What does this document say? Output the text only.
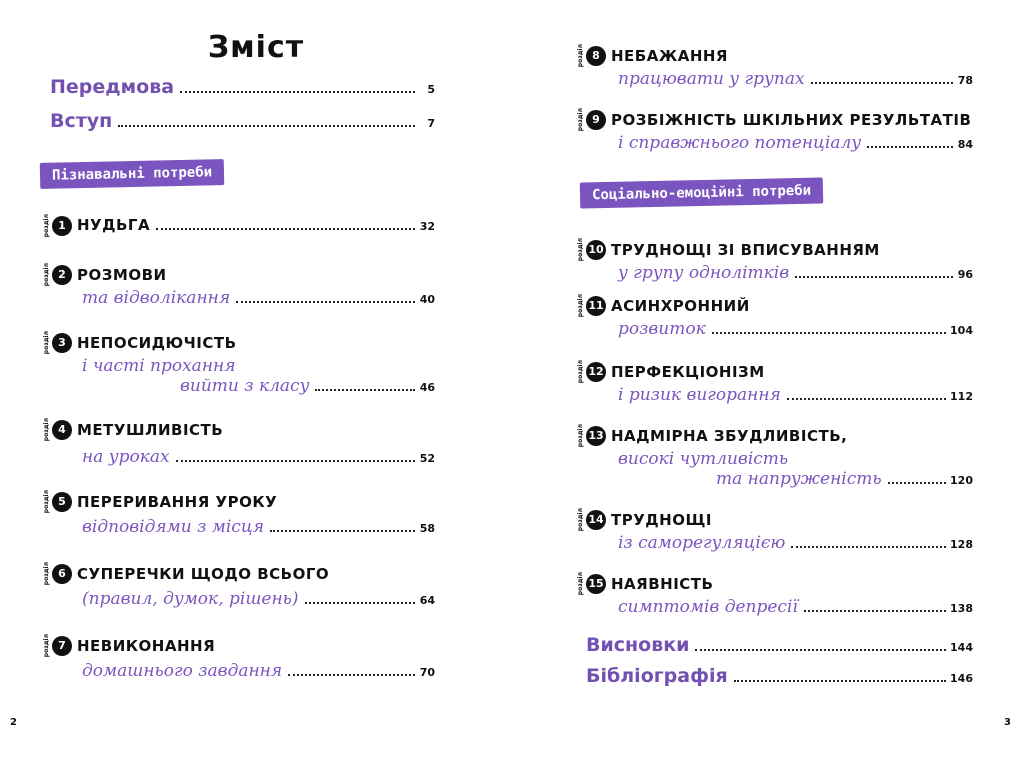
Зміст
Передмова	5
Вступ	7
Пізнавальні потреби
розділ 1 НУДЬГА	32
розділ 2 РОЗМОВИ
та відволікання	40
розділ 3 НЕПОСИДЮЧІСТЬ
і часті прохання
вийти з класу	46
розділ 4 МЕТУШЛИВІСТЬ
на уроках	52
розділ 5 ПЕРЕРИВАННЯ УРОКУ
відповідями з місця	58
розділ 6 СУПЕРЕЧКИ ЩОДО ВСЬОГО
(правил, думок, рішень)	64
розділ 7 НЕВИКОНАННЯ
домашнього завдання	70
2
розділ 8 НЕБАЖАННЯ
працювати у групах	78
розділ 9 РОЗБІЖНІСТЬ ШКІЛЬНИХ РЕЗУЛЬТАТІВ
і справжнього потенціалу	84
Соціально-емоційні потреби
розділ 10 ТРУДНОЩІ ЗІ ВПИСУВАННЯМ
у групу однолітків	96
розділ 11 АСИНХРОННИЙ
розвиток	104
розділ 12 ПЕРФЕКЦІОНІЗМ
і ризик вигорання	112
розділ 13 НАДМІРНА ЗБУДЛИВІСТЬ,
високі чутливість
та напруженість	120
розділ 14 ТРУДНОЩІ
із саморегуляцією	128
розділ 15 НАЯВНІСТЬ
симптомів депресії	138
Висновки	144
Бібліографія	146
3
